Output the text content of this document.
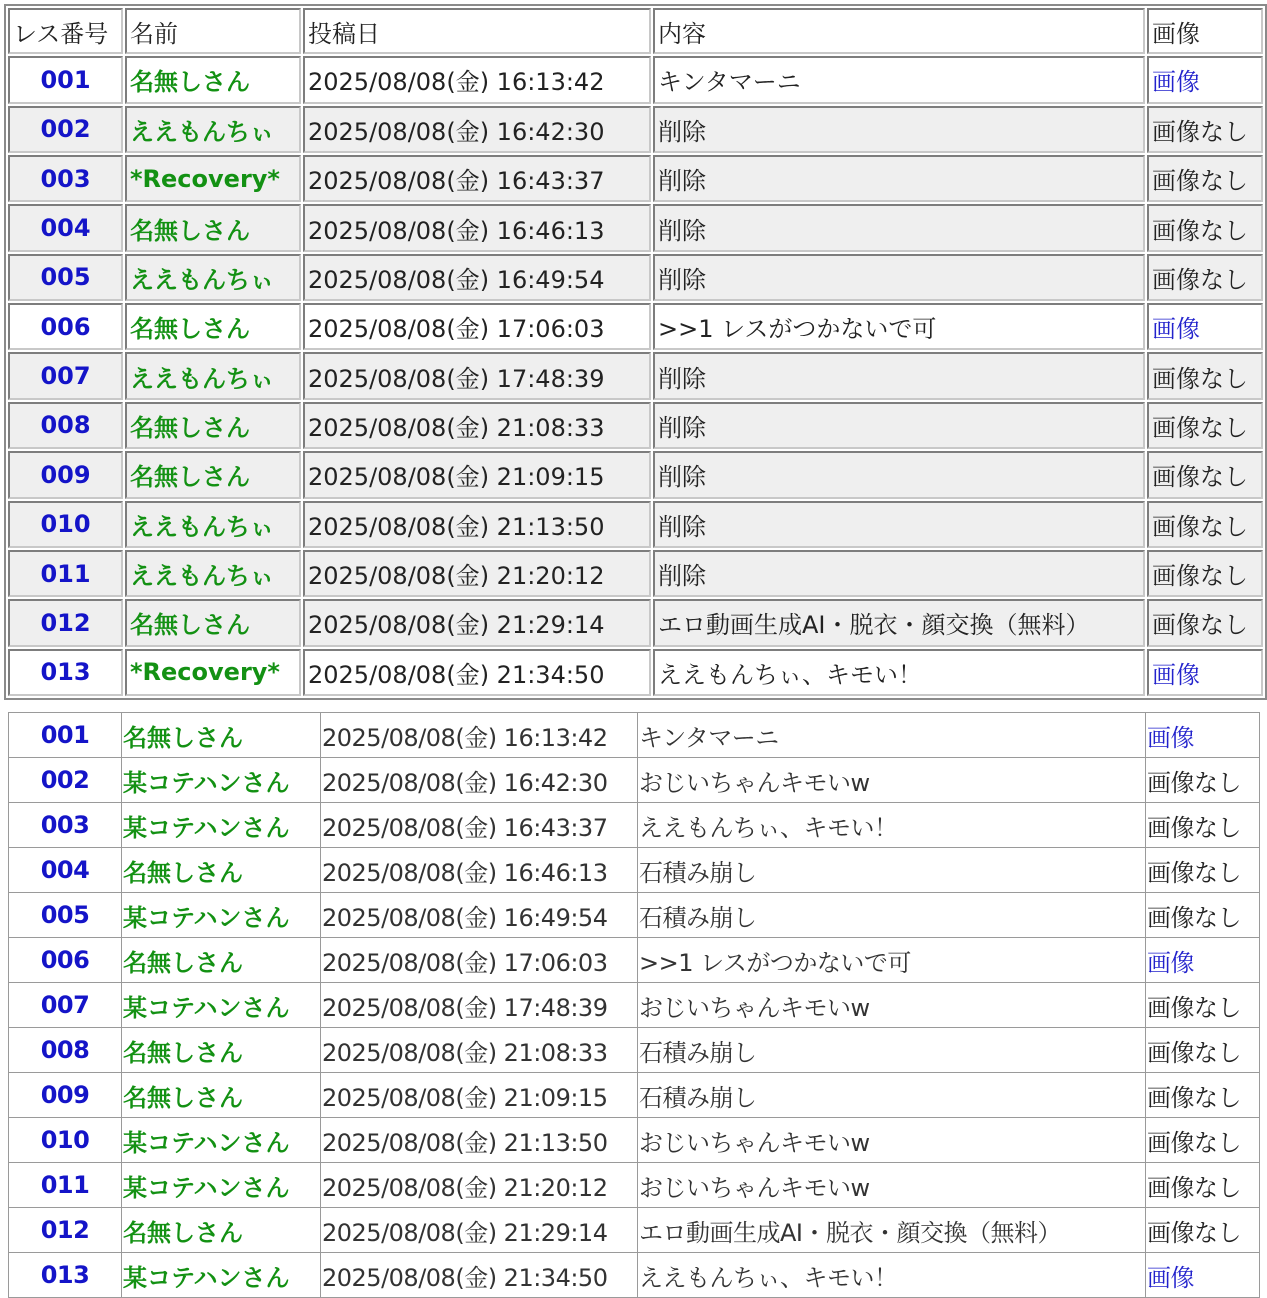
レス番号	名前	投稿日	内容	画像
001	名無しさん	2025/08/08(金) 16:13:42	キンタマーニ	画像
002	ええもんちぃ	2025/08/08(金) 16:42:30	削除	画像なし
003	*Recovery*	2025/08/08(金) 16:43:37	削除	画像なし
004	名無しさん	2025/08/08(金) 16:46:13	削除	画像なし
005	ええもんちぃ	2025/08/08(金) 16:49:54	削除	画像なし
006	名無しさん	2025/08/08(金) 17:06:03	>>1 レスがつかないで可	画像
007	ええもんちぃ	2025/08/08(金) 17:48:39	削除	画像なし
008	名無しさん	2025/08/08(金) 21:08:33	削除	画像なし
009	名無しさん	2025/08/08(金) 21:09:15	削除	画像なし
010	ええもんちぃ	2025/08/08(金) 21:13:50	削除	画像なし
011	ええもんちぃ	2025/08/08(金) 21:20:12	削除	画像なし
012	名無しさん	2025/08/08(金) 21:29:14	エロ動画生成AI・脱衣・顔交換（無料）	画像なし
013	*Recovery*	2025/08/08(金) 21:34:50	ええもんちぃ、キモい！	画像
001	名無しさん	2025/08/08(金) 16:13:42	キンタマーニ	画像
002	某コテハンさん	2025/08/08(金) 16:42:30	おじいちゃんキモいw	画像なし
003	某コテハンさん	2025/08/08(金) 16:43:37	ええもんちぃ、キモい！	画像なし
004	名無しさん	2025/08/08(金) 16:46:13	石積み崩し	画像なし
005	某コテハンさん	2025/08/08(金) 16:49:54	石積み崩し	画像なし
006	名無しさん	2025/08/08(金) 17:06:03	>>1 レスがつかないで可	画像
007	某コテハンさん	2025/08/08(金) 17:48:39	おじいちゃんキモいw	画像なし
008	名無しさん	2025/08/08(金) 21:08:33	石積み崩し	画像なし
009	名無しさん	2025/08/08(金) 21:09:15	石積み崩し	画像なし
010	某コテハンさん	2025/08/08(金) 21:13:50	おじいちゃんキモいw	画像なし
011	某コテハンさん	2025/08/08(金) 21:20:12	おじいちゃんキモいw	画像なし
012	名無しさん	2025/08/08(金) 21:29:14	エロ動画生成AI・脱衣・顔交換（無料）	画像なし
013	某コテハンさん	2025/08/08(金) 21:34:50	ええもんちぃ、キモい！	画像
